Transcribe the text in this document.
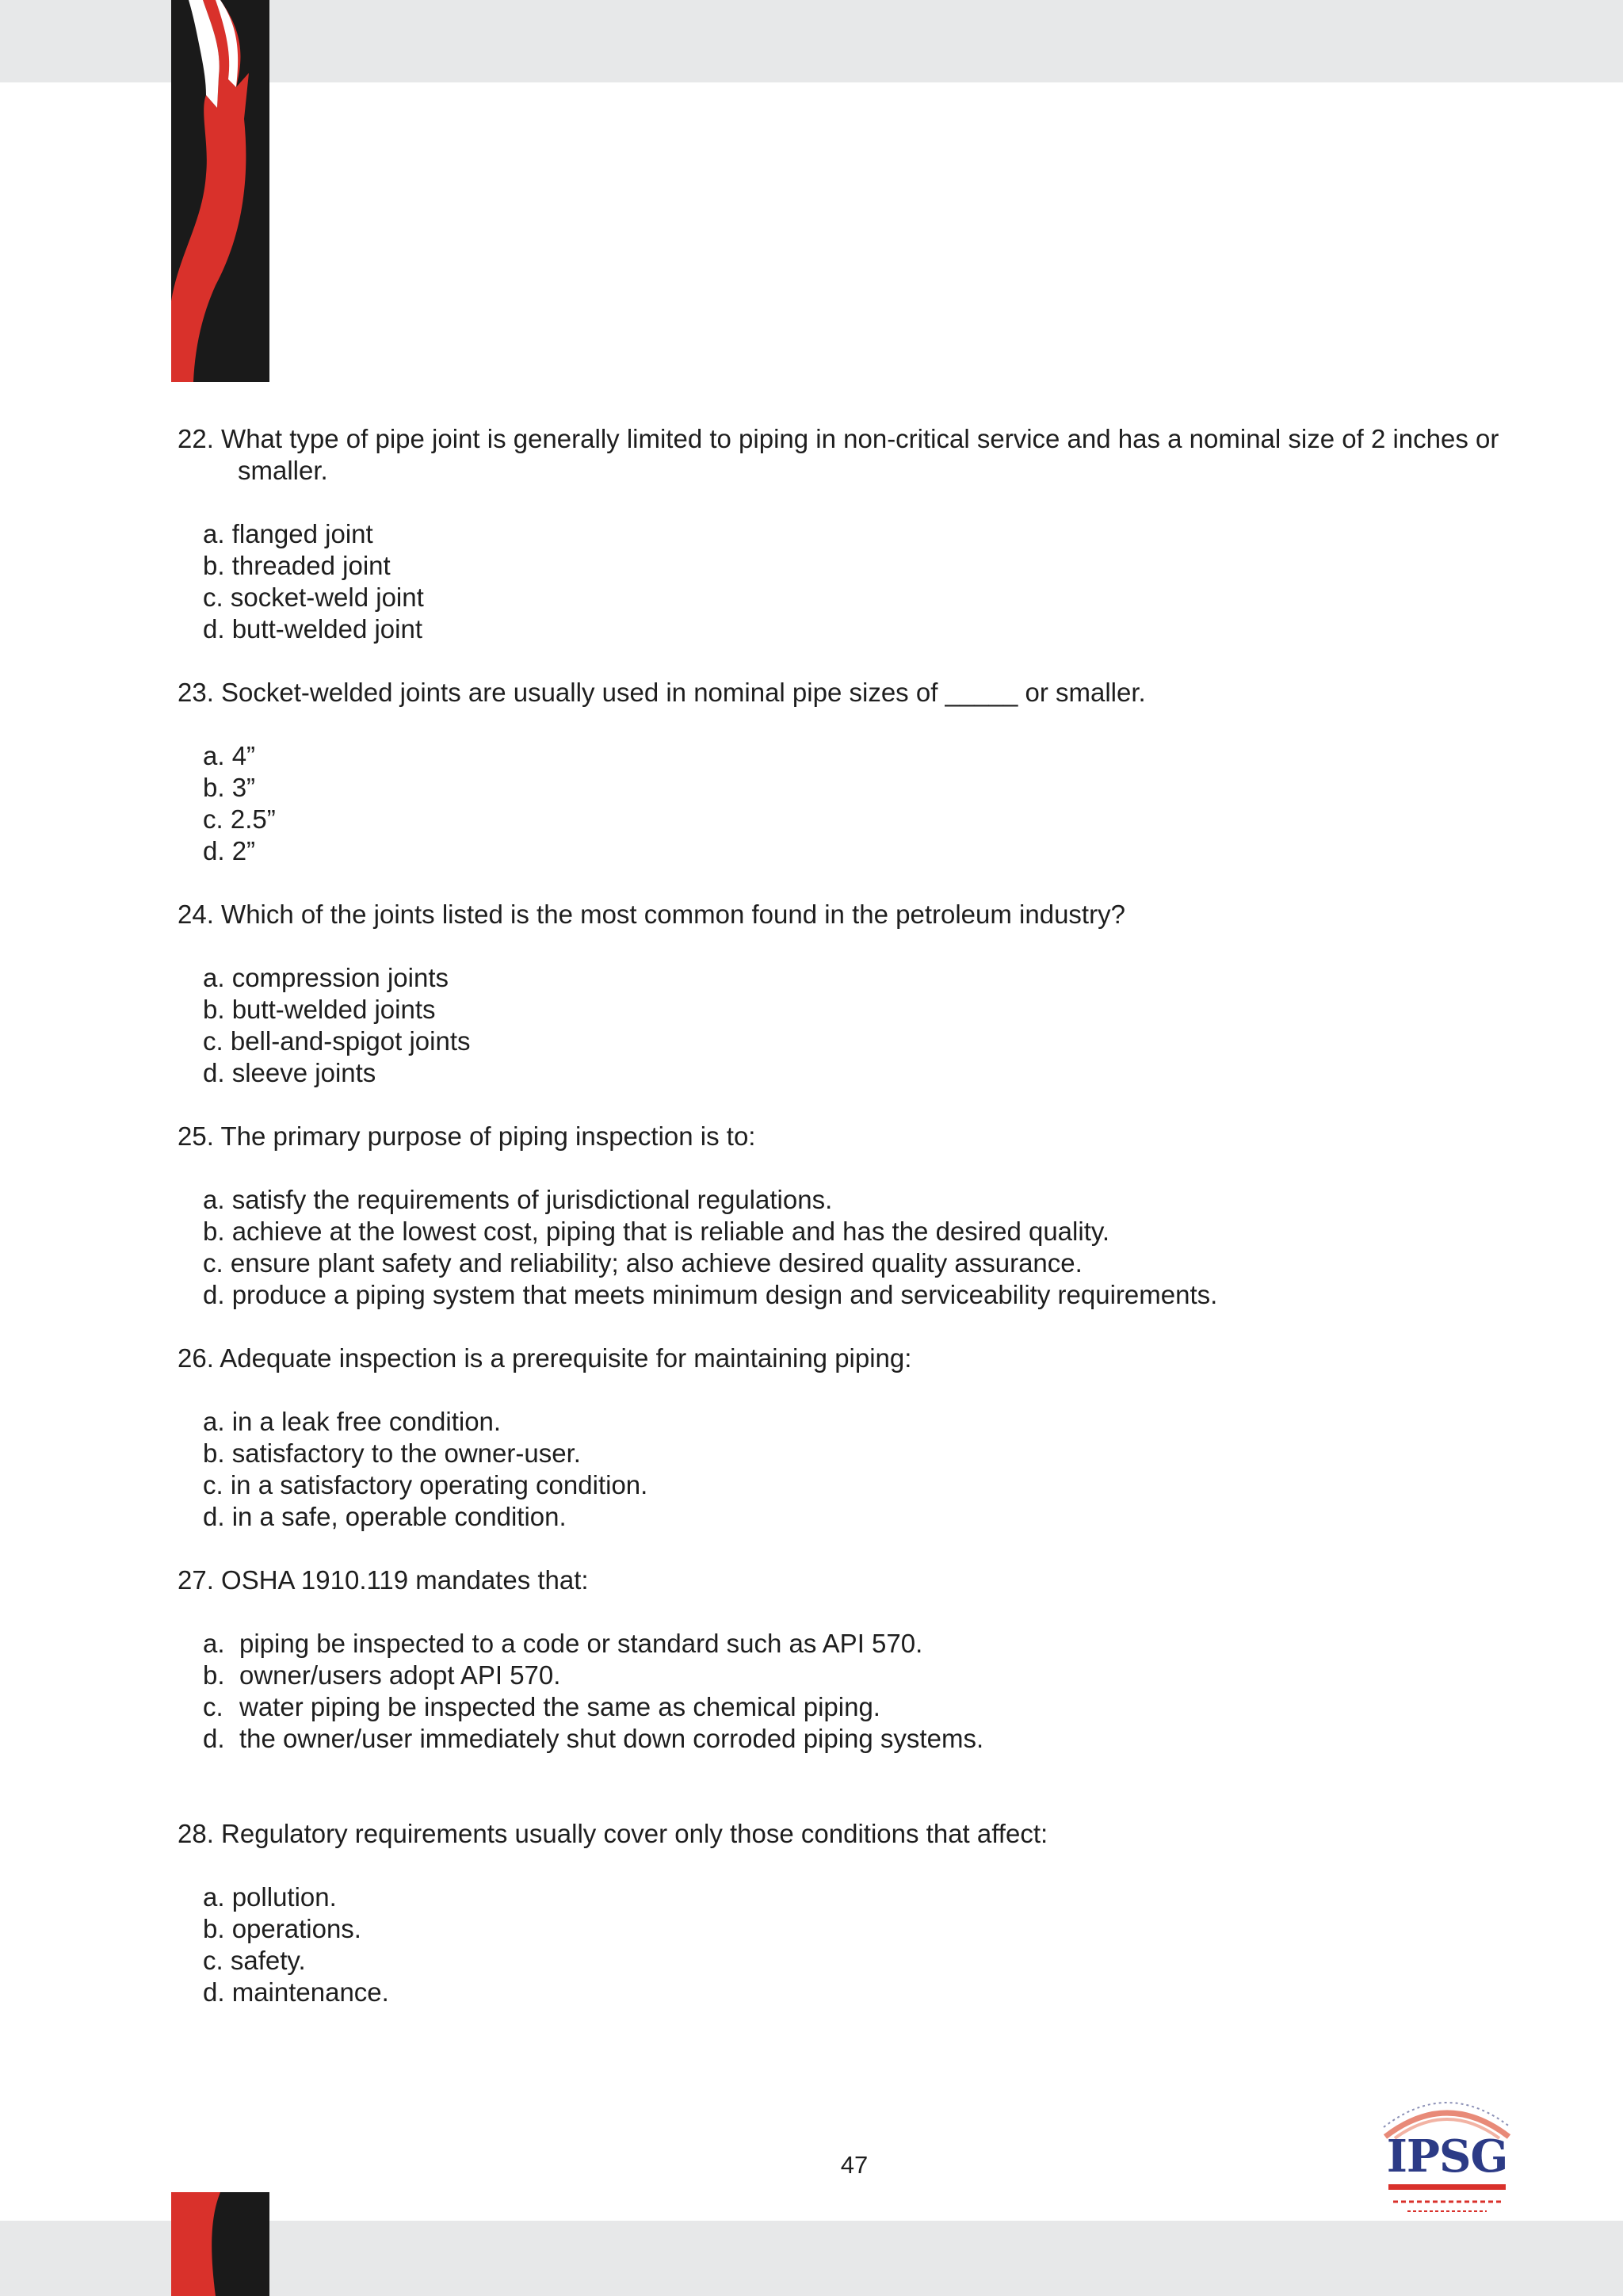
22. What type of pipe joint is generally limited to piping in non-critical service and has a nominal size of 2 inches or smaller.

a. flanged joint
b. threaded joint
c. socket-weld joint
d. butt-welded joint

23. Socket-welded joints are usually used in nominal pipe sizes of _____ or smaller.

a. 4”
b. 3”
c. 2.5”
d. 2”

24. Which of the joints listed is the most common found in the petroleum industry?

a. compression joints
b. butt-welded joints
c. bell-and-spigot joints
d. sleeve joints

25. The primary purpose of piping inspection is to:

a. satisfy the requirements of jurisdictional regulations.
b. achieve at the lowest cost, piping that is reliable and has the desired quality.
c. ensure plant safety and reliability; also achieve desired quality assurance.
d. produce a piping system that meets minimum design and serviceability requirements.

26. Adequate inspection is a prerequisite for maintaining piping:

a. in a leak free condition.
b. satisfactory to the owner-user.
c. in a satisfactory operating condition.
d. in a safe, operable condition.

27. OSHA 1910.119 mandates that:

a. piping be inspected to a code or standard such as API 570.
b. owner/users adopt API 570.
c. water piping be inspected the same as chemical piping.
d. the owner/user immediately shut down corroded piping systems.

28. Regulatory requirements usually cover only those conditions that affect:

a. pollution.
b. operations.
c. safety.
d. maintenance.
47	IPSG
